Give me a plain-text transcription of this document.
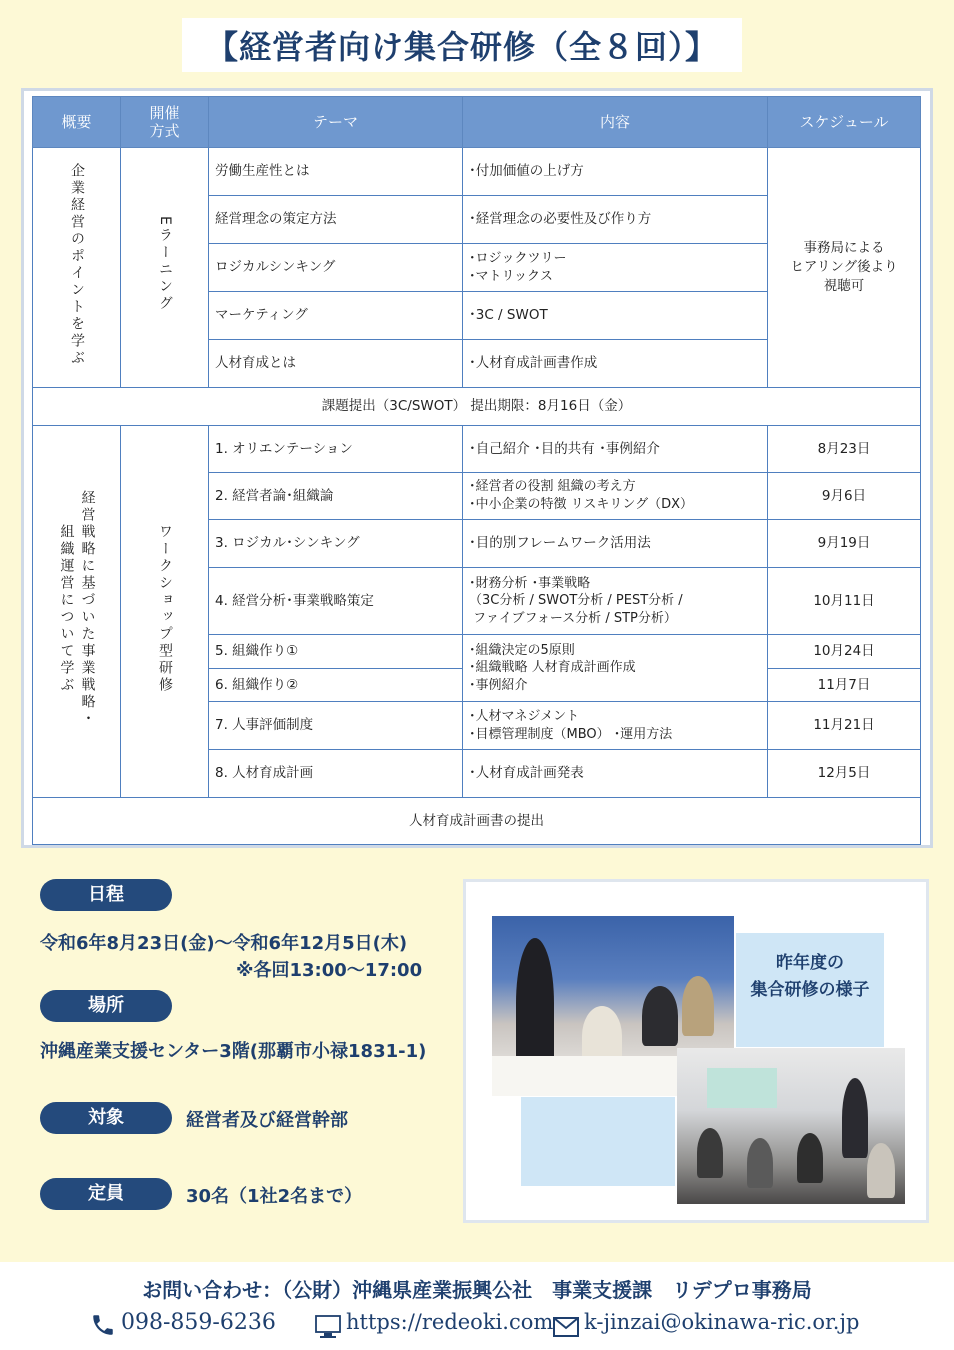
【経営者向け集合研修（全８回）】
概要	開催方式	テーマ	内容	スケジュール
企業経営のポイントを学ぶ	Eラーニング	労働生産性とは	･付加価値の上げ方	事務局による
ヒアリング後より
視聴可
		経営理念の策定方法	･経営理念の必要性及び作り方	
		ロジカルシンキング	･ロジックツリー
･マトリックス	
		マーケティング	･3C / SWOT	
		人材育成とは	･人材育成計画書作成	
課題提出（3C/SWOT） 提出期限：8月16日（金）				
経営戦略に基づいた事業戦略・組織運営について学ぶ	ワークショップ型研修	1. オリエンテーション	･自己紹介 ･目的共有 ･事例紹介	8月23日
		2. 経営者論･組織論	･経営者の役割 組織の考え方
･中小企業の特徴 リスキリング（DX）	9月6日
		3. ロジカル･シンキング	･目的別フレームワーク活用法	9月19日
		4. 経営分析･事業戦略策定	･財務分析 ･事業戦略
（3C分析 / SWOT分析 / PEST分析 /
ファイブフォース分析 / STP分析）	10月11日
		5. 組織作り①	･組織決定の5原則
･組織戦略 人材育成計画作成
･事例紹介	10月24日
		6. 組織作り②		11月7日
		7. 人事評価制度	･人材マネジメント
･目標管理制度（MBO） ･運用方法	11月21日
		8. 人材育成計画	･人材育成計画発表	12月5日
人材育成計画書の提出				
日程
令和6年8月23日(金)～令和6年12月5日(木)
※各回13:00～17:00
場所
沖縄産業支援センター3階(那覇市小禄1831-1)
対象	経営者及び経営幹部
定員	30名（1社2名まで）
昨年度の
集合研修の様子
お問い合わせ：（公財）沖縄県産業振興公社　事業支援課　リデプロ事務局
098-859-6236	https://redeoki.com k-jinzai@okinawa-ric.or.jp
